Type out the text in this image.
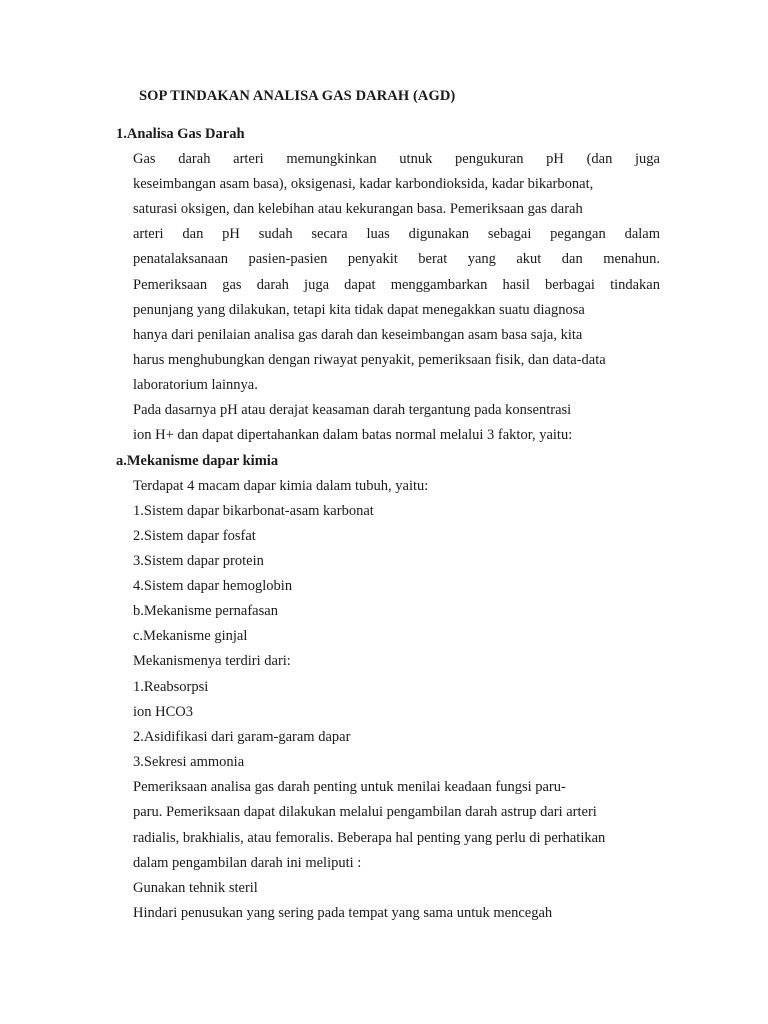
SOP TINDAKAN ANALISA GAS DARAH (AGD)
1.Analisa Gas Darah
Gas darah arteri memungkinkan utnuk pengukuran pH (dan juga
keseimbangan asam basa), oksigenasi, kadar karbondioksida, kadar bikarbonat,
saturasi oksigen, dan kelebihan atau kekurangan basa. Pemeriksaan gas darah
arteri dan pH sudah secara luas digunakan sebagai pegangan dalam
penatalaksanaan pasien-pasien penyakit berat yang akut dan menahun.
Pemeriksaan gas darah juga dapat menggambarkan hasil berbagai tindakan
penunjang yang dilakukan, tetapi kita tidak dapat menegakkan suatu diagnosa
hanya dari penilaian analisa gas darah dan keseimbangan asam basa saja, kita
harus menghubungkan dengan riwayat penyakit, pemeriksaan fisik, dan data-data
laboratorium lainnya.
Pada dasarnya pH atau derajat keasaman darah tergantung pada konsentrasi
ion H+ dan dapat dipertahankan dalam batas normal melalui 3 faktor, yaitu:
a.Mekanisme dapar kimia
Terdapat 4 macam dapar kimia dalam tubuh, yaitu:
1.Sistem dapar bikarbonat-asam karbonat
2.Sistem dapar fosfat
3.Sistem dapar protein
4.Sistem dapar hemoglobin
b.Mekanisme pernafasan
c.Mekanisme ginjal
Mekanismenya terdiri dari:
1.Reabsorpsi
ion HCO3
2.Asidifikasi dari garam-garam dapar
3.Sekresi ammonia
Pemeriksaan analisa gas darah penting untuk menilai keadaan fungsi paru-
paru. Pemeriksaan dapat dilakukan melalui pengambilan darah astrup dari arteri
radialis, brakhialis, atau femoralis. Beberapa hal penting yang perlu di perhatikan
dalam pengambilan darah ini meliputi :
Gunakan tehnik steril
Hindari penusukan yang sering pada tempat yang sama untuk mencegah
